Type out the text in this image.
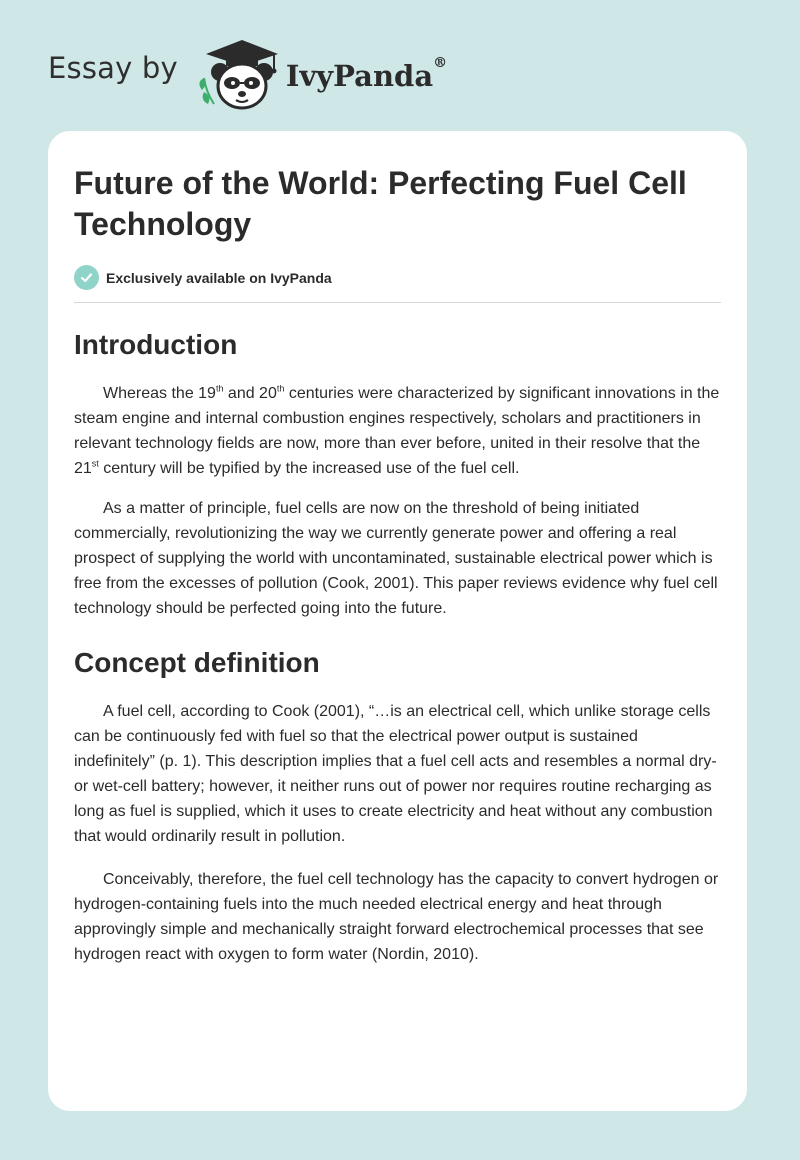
Essay by	IvyPanda®
Future of the World: Perfecting Fuel Cell Technology
Exclusively available on IvyPanda
Introduction

Whereas the 19th and 20th centuries were characterized by significant innovations in the steam engine and internal combustion engines respectively, scholars and practitioners in relevant technology fields are now, more than ever before, united in their resolve that the 21st century will be typified by the increased use of the fuel cell.

As a matter of principle, fuel cells are now on the threshold of being initiated commercially, revolutionizing the way we currently generate power and offering a real prospect of supplying the world with uncontaminated, sustainable electrical power which is free from the excesses of pollution (Cook, 2001). This paper reviews evidence why fuel cell technology should be perfected going into the future.

Concept definition

A fuel cell, according to Cook (2001), “…is an electrical cell, which unlike storage cells can be continuously fed with fuel so that the electrical power output is sustained indefinitely” (p. 1). This description implies that a fuel cell acts and resembles a normal dry- or wet-cell battery; however, it neither runs out of power nor requires routine recharging as long as fuel is supplied, which it uses to create electricity and heat without any combustion that would ordinarily result in pollution.

Conceivably, therefore, the fuel cell technology has the capacity to convert hydrogen or hydrogen-containing fuels into the much needed electrical energy and heat through approvingly simple and mechanically straight forward electrochemical processes that see hydrogen react with oxygen to form water (Nordin, 2010).
